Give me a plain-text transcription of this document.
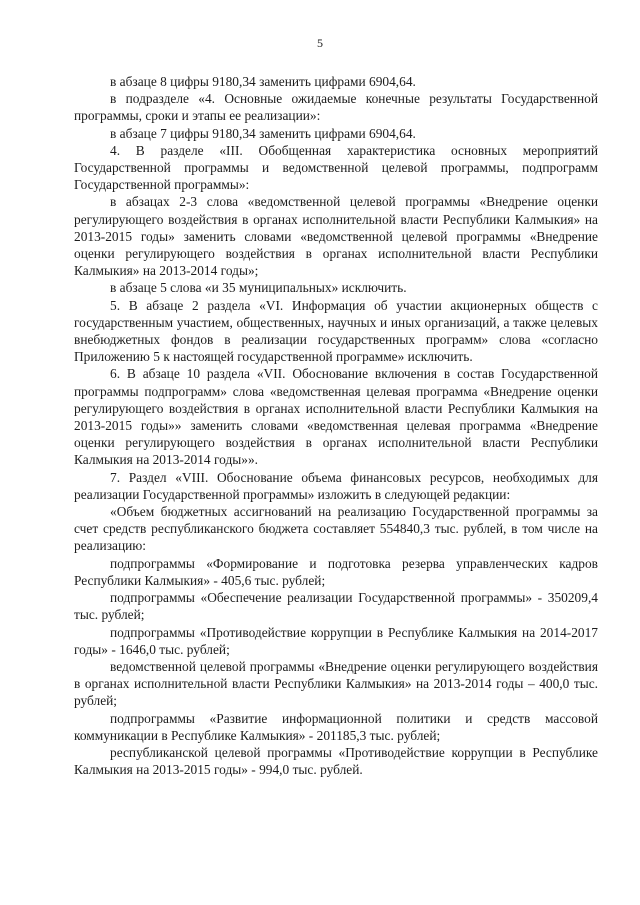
5

в абзаце 8 цифры 9180,34 заменить цифрами 6904,64.

в подразделе «4. Основные ожидаемые конечные результаты Государственной программы, сроки и этапы ее реализации»:

в абзаце 7 цифры 9180,34 заменить цифрами 6904,64.

4. В разделе «III. Обобщенная характеристика основных мероприятий Государственной программы и ведомственной целевой программы, подпрограмм Государственной программы»:

в абзацах 2-3 слова «ведомственной целевой программы «Внедрение оценки регулирующего воздействия в органах исполнительной власти Республики Калмыкия» на 2013-2015 годы» заменить словами «ведомственной целевой программы «Внедрение оценки регулирующего воздействия в органах исполнительной власти Республики Калмыкия» на 2013-2014 годы»;

в абзаце 5 слова «и 35 муниципальных» исключить.

5. В абзаце 2 раздела «VI. Информация об участии акционерных обществ с государственным участием, общественных, научных и иных организаций, а также целевых внебюджетных фондов в реализации государственных программ» слова «согласно Приложению 5 к настоящей государственной программе» исключить.

6. В абзаце 10 раздела «VII. Обоснование включения в состав Государственной программы подпрограмм» слова «ведомственная целевая программа «Внедрение оценки регулирующего воздействия в органах исполнительной власти Республики Калмыкия на 2013-2015 годы»» заменить словами «ведомственная целевая программа «Внедрение оценки регулирующего воздействия в органах исполнительной власти Республики Калмыкия на 2013-2014 годы»».

7. Раздел «VIII. Обоснование объема финансовых ресурсов, необходимых для реализации Государственной программы» изложить в следующей редакции:

«Объем бюджетных ассигнований на реализацию Государственной программы за счет средств республиканского бюджета составляет 554840,3 тыс. рублей, в том числе на реализацию:

подпрограммы «Формирование и подготовка резерва управленческих кадров Республики Калмыкия» - 405,6 тыс. рублей;

подпрограммы «Обеспечение реализации Государственной программы» - 350209,4 тыс. рублей;

подпрограммы «Противодействие коррупции в Республике Калмыкия на 2014-2017 годы» - 1646,0 тыс. рублей;

ведомственной целевой программы «Внедрение оценки регулирующего воздействия в органах исполнительной власти Республики Калмыкия» на 2013-2014 годы – 400,0 тыс. рублей;

подпрограммы «Развитие информационной политики и средств массовой коммуникации в Республике Калмыкия» - 201185,3 тыс. рублей;

республиканской целевой программы «Противодействие коррупции в Республике Калмыкия на 2013-2015 годы» - 994,0 тыс. рублей.
